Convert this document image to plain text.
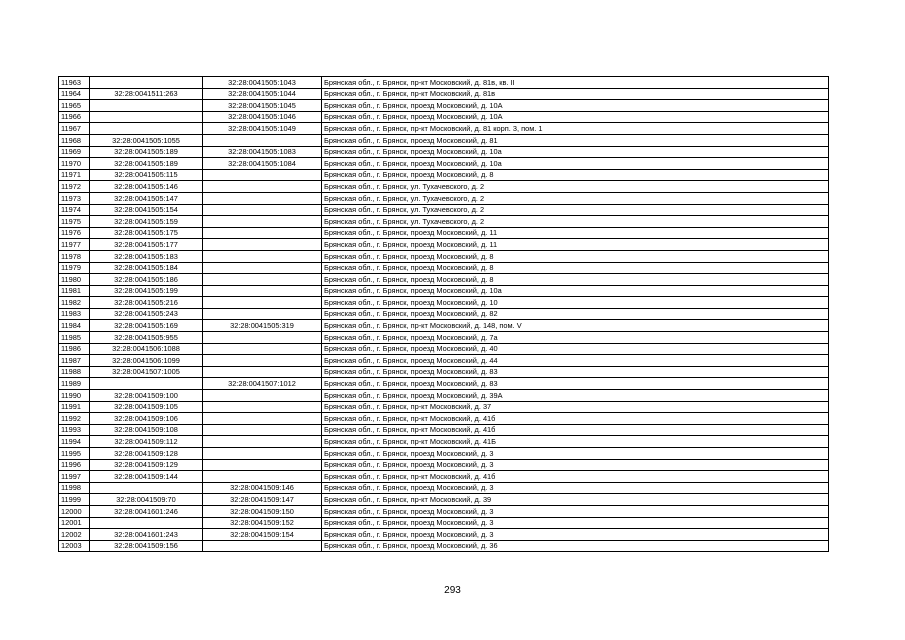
11963		32:28:0041505:1043	Брянская обл., г. Брянск, пр-кт Московский, д. 81в, кв. II
11964	32:28:0041511:263	32:28:0041505:1044	Брянская обл., г. Брянск, пр-кт Московский, д. 81в
11965		32:28:0041505:1045	Брянская обл., г. Брянск, проезд Московский, д. 10А
11966		32:28:0041505:1046	Брянская обл., г. Брянск, проезд Московский, д. 10А
11967		32:28:0041505:1049	Брянская обл., г. Брянск, пр-кт Московский, д. 81 корп. 3, пом. 1
11968	32:28:0041505:1055		Брянская обл., г. Брянск, проезд Московский, д. 81
11969	32:28:0041505:189	32:28:0041505:1083	Брянская обл., г. Брянск, проезд Московский, д. 10а
11970	32:28:0041505:189	32:28:0041505:1084	Брянская обл., г. Брянск, проезд Московский, д. 10а
11971	32:28:0041505:115		Брянская обл., г. Брянск, проезд Московский, д. 8
11972	32:28:0041505:146		Брянская обл., г. Брянск, ул. Тухачевского, д. 2
11973	32:28:0041505:147		Брянская обл., г. Брянск, ул. Тухачевского, д. 2
11974	32:28:0041505:154		Брянская обл., г. Брянск, ул. Тухачевского, д. 2
11975	32:28:0041505:159		Брянская обл., г. Брянск, ул. Тухачевского, д. 2
11976	32:28:0041505:175		Брянская обл., г. Брянск, проезд Московский, д. 11
11977	32:28:0041505:177		Брянская обл., г. Брянск, проезд Московский, д. 11
11978	32:28:0041505:183		Брянская обл., г. Брянск, проезд Московский, д. 8
11979	32:28:0041505:184		Брянская обл., г. Брянск, проезд Московский, д. 8
11980	32:28:0041505:186		Брянская обл., г. Брянск, проезд Московский, д. 8
11981	32:28:0041505:199		Брянская обл., г. Брянск, проезд Московский, д. 10а
11982	32:28:0041505:216		Брянская обл., г. Брянск, проезд Московский, д. 10
11983	32:28:0041505:243		Брянская обл., г. Брянск, проезд Московский, д. 82
11984	32:28:0041505:169	32:28:0041505:319	Брянская обл., г. Брянск, пр-кт Московский, д. 148, пом. V
11985	32:28:0041505:955		Брянская обл., г. Брянск, проезд Московский, д. 7а
11986	32:28:0041506:1088		Брянская обл., г. Брянск, проезд Московский, д. 40
11987	32:28:0041506:1099		Брянская обл., г. Брянск, проезд Московский, д. 44
11988	32:28:0041507:1005		Брянская обл., г. Брянск, проезд Московский, д. 83
11989		32:28:0041507:1012	Брянская обл., г. Брянск, проезд Московский, д. 83
11990	32:28:0041509:100		Брянская обл., г. Брянск, проезд Московский, д. 39А
11991	32:28:0041509:105		Брянская обл., г. Брянск, пр-кт Московский, д. 37
11992	32:28:0041509:106		Брянская обл., г. Брянск, пр-кт Московский, д. 41б
11993	32:28:0041509:108		Брянская обл., г. Брянск, пр-кт Московский, д. 41б
11994	32:28:0041509:112		Брянская обл., г. Брянск, пр-кт Московский, д. 41Б
11995	32:28:0041509:128		Брянская обл., г. Брянск, проезд Московский, д. 3
11996	32:28:0041509:129		Брянская обл., г. Брянск, проезд Московский, д. 3
11997	32:28:0041509:144		Брянская обл., г. Брянск, пр-кт Московский, д. 41б
11998		32:28:0041509:146	Брянская обл., г. Брянск, проезд Московский, д. 3
11999	32:28:0041509:70	32:28:0041509:147	Брянская обл., г. Брянск, пр-кт Московский, д. 39
12000	32:28:0041601:246	32:28:0041509:150	Брянская обл., г. Брянск, проезд Московский, д. 3
12001		32:28:0041509:152	Брянская обл., г. Брянск, проезд Московский, д. 3
12002	32:28:0041601:243	32:28:0041509:154	Брянская обл., г. Брянск, проезд Московский, д. 3
12003	32:28:0041509:156		Брянская обл., г. Брянск, проезд Московский, д. 36
293
